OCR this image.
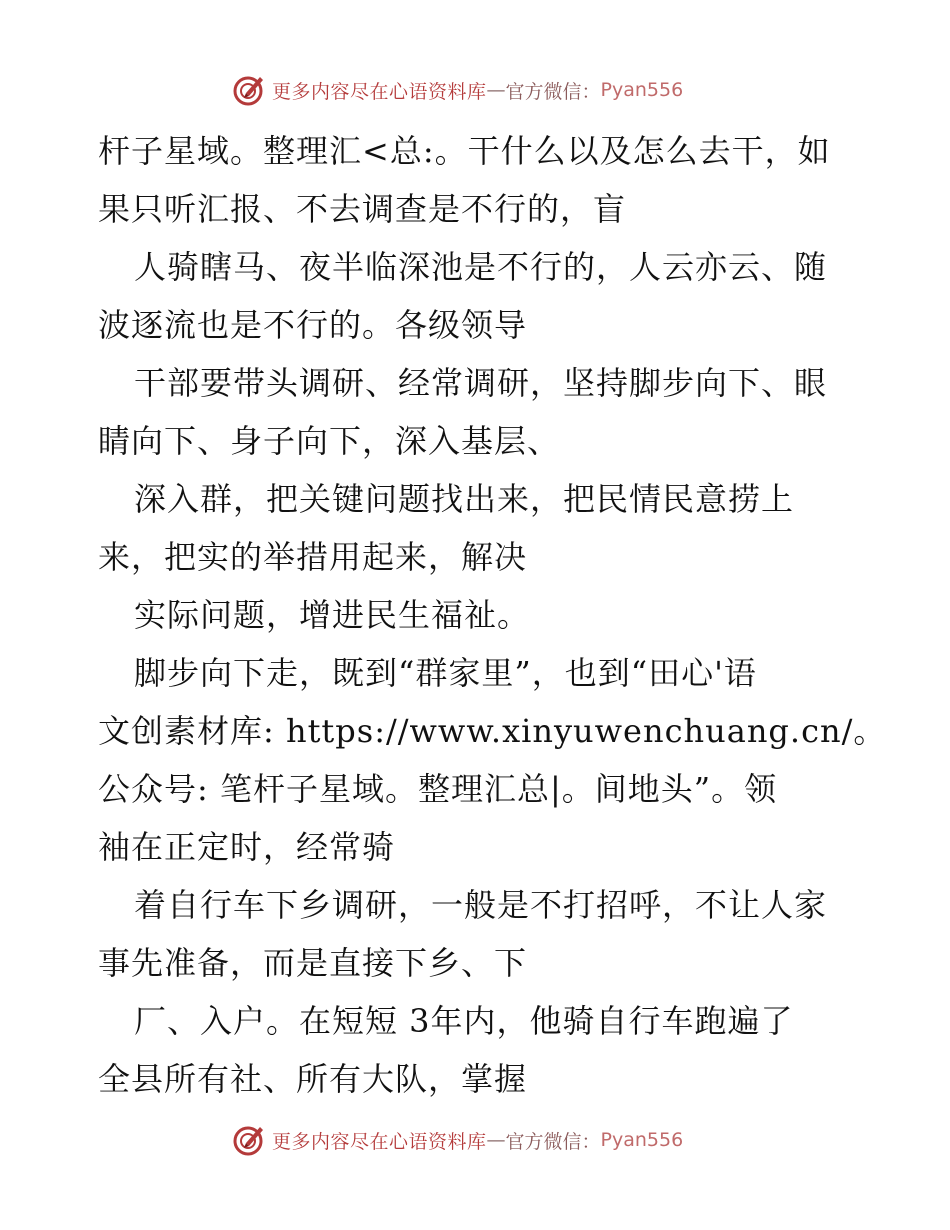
更多内容尽在心语资料库 — 官方微信： Pyan556
杆子星域。整理汇<总:。干什么以及怎么去干，如
果只听汇报、不去调查是不行的，盲
人骑瞎马、夜半临深池是不行的，人云亦云、随
波逐流也是不行的。各级领导
干部要带头调研、经常调研，坚持脚步向下、眼
睛向下、身子向下，深入基层、
深入群，把关键问题找出来，把民情民意捞上
来，把实的举措用起来，解决
实际问题，增进民生福祉。
脚步向下走，既到“群家里”，也到“田心'语
文创素材库: https://www.xinyuwenchuang.cn/。
公众号: 笔杆子星域。整理汇总|。间地头”。领
袖在正定时，经常骑
着自行车下乡调研，一般是不打招呼，不让人家
事先准备，而是直接下乡、下
厂、入户。在短短 3年内，他骑自行车跑遍了
全县所有社、所有大队，掌握
更多内容尽在心语资料库 — 官方微信： Pyan556
